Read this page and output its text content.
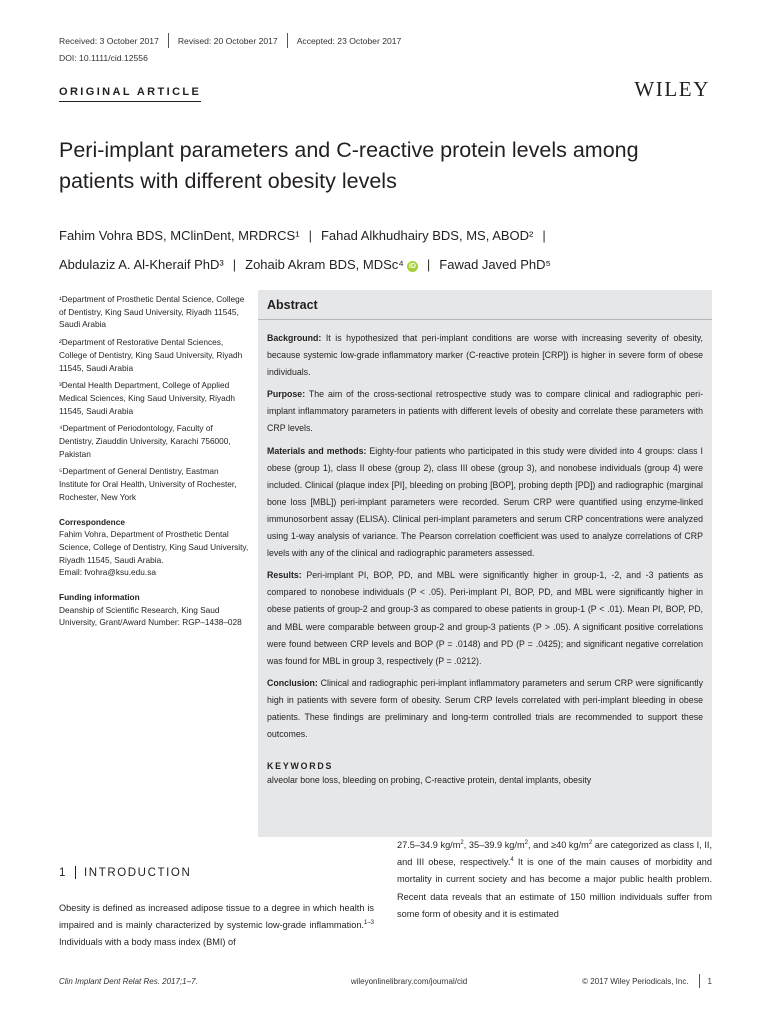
Received: 3 October 2017 Revised: 20 October 2017 Accepted: 23 October 2017
DOI: 10.1111/cid.12556
ORIGINAL ARTICLE	WILEY
Peri-implant parameters and C-reactive protein levels among patients with different obesity levels
Fahim Vohra BDS, MClinDent, MRDRCS¹ | Fahad Alkhudhairy BDS, MS, ABOD² |
Abdulaziz A. Al-Kheraif PhD³ | Zohaib Akram BDS, MDSc⁴ iD | Fawad Javed PhD⁵
¹Department of Prosthetic Dental Science, College of Dentistry, King Saud University, Riyadh 11545, Saudi Arabia
²Department of Restorative Dental Sciences, College of Dentistry, King Saud University, Riyadh 11545, Saudi Arabia
³Dental Health Department, College of Applied Medical Sciences, King Saud University, Riyadh 11545, Saudi Arabia
⁴Department of Periodontology, Faculty of Dentistry, Ziauddin University, Karachi 756000, Pakistan
⁵Department of General Dentistry, Eastman Institute for Oral Health, University of Rochester, Rochester, New York
Correspondence
Fahim Vohra, Department of Prosthetic Dental Science, College of Dentistry, King Saud University, Riyadh 11545, Saudi Arabia.
Email: fvohra@ksu.edu.sa
Funding information
Deanship of Scientific Research, King Saud University, Grant/Award Number: RGP–1438–028
Abstract

Background: It is hypothesized that peri-implant conditions are worse with increasing severity of obesity, because systemic low-grade inflammatory marker (C-reactive protein [CRP]) is higher in severe form of obese individuals.

Purpose: The aim of the cross-sectional retrospective study was to compare clinical and radiographic peri-implant inflammatory parameters in patients with different levels of obesity and correlate these parameters with CRP levels.

Materials and methods: Eighty-four patients who participated in this study were divided into 4 groups: class I obese (group 1), class II obese (group 2), class III obese (group 3), and nonobese individuals (group 4) were included. Clinical (plaque index [PI], bleeding on probing [BOP], probing depth [PD]) and radiographic (marginal bone loss [MBL]) peri-implant parameters were recorded. Serum CRP were quantified using enzyme-linked immunosorbent assay (ELISA). Clinical peri-implant parameters and serum CRP concentrations were analyzed using 1-way analysis of variance. The Pearson correlation coefficient was used to analyze correlations of CRP levels with any of the clinical and radiographic parameters assessed.

Results: Peri-implant PI, BOP, PD, and MBL were significantly higher in group-1, -2, and -3 patients as compared to nonobese individuals (P < .05). Peri-implant PI, BOP, PD, and MBL were significantly higher in obese patients of group-2 and group-3 as compared to obese patients in group-1 (P < .01). Mean PI, BOP, PD, and MBL were comparable between group-2 and group-3 patients (P > .05). A significant positive correlations were found between CRP levels and BOP (P = .0148) and PD (P = .0425); and significant negative correlation was found for MBL in group 3, respectively (P = .0212).

Conclusion: Clinical and radiographic peri-implant inflammatory parameters and serum CRP were significantly high in patients with severe form of obesity. Serum CRP levels correlated with peri-implant bleeding in obese patients. These findings are preliminary and long-term controlled trials are recommended to support these outcomes.

KEYWORDS
alveolar bone loss, bleeding on probing, C-reactive protein, dental implants, obesity
1 INTRODUCTION
Obesity is defined as increased adipose tissue to a degree in which health is impaired and is mainly characterized by systemic low-grade inflammation.$^{1-3}$ Individuals with a body mass index (BMI) of
27.5–34.9 $kg/m^2$, 35–39.9 $kg/m^2$, and ≥40 $kg/m^2$ are categorized as class I, II, and III obese, respectively.$^4$ It is one of the main causes of morbidity and mortality in current society and has become a major public health problem. Recent data reveals that an estimate of 150 million individuals suffer from some form of obesity and it is estimated
Clin Implant Dent Relat Res. 2017;1–7.	wileyonlinelibrary.com/journal/cid	© 2017 Wiley Periodicals, Inc. 1
